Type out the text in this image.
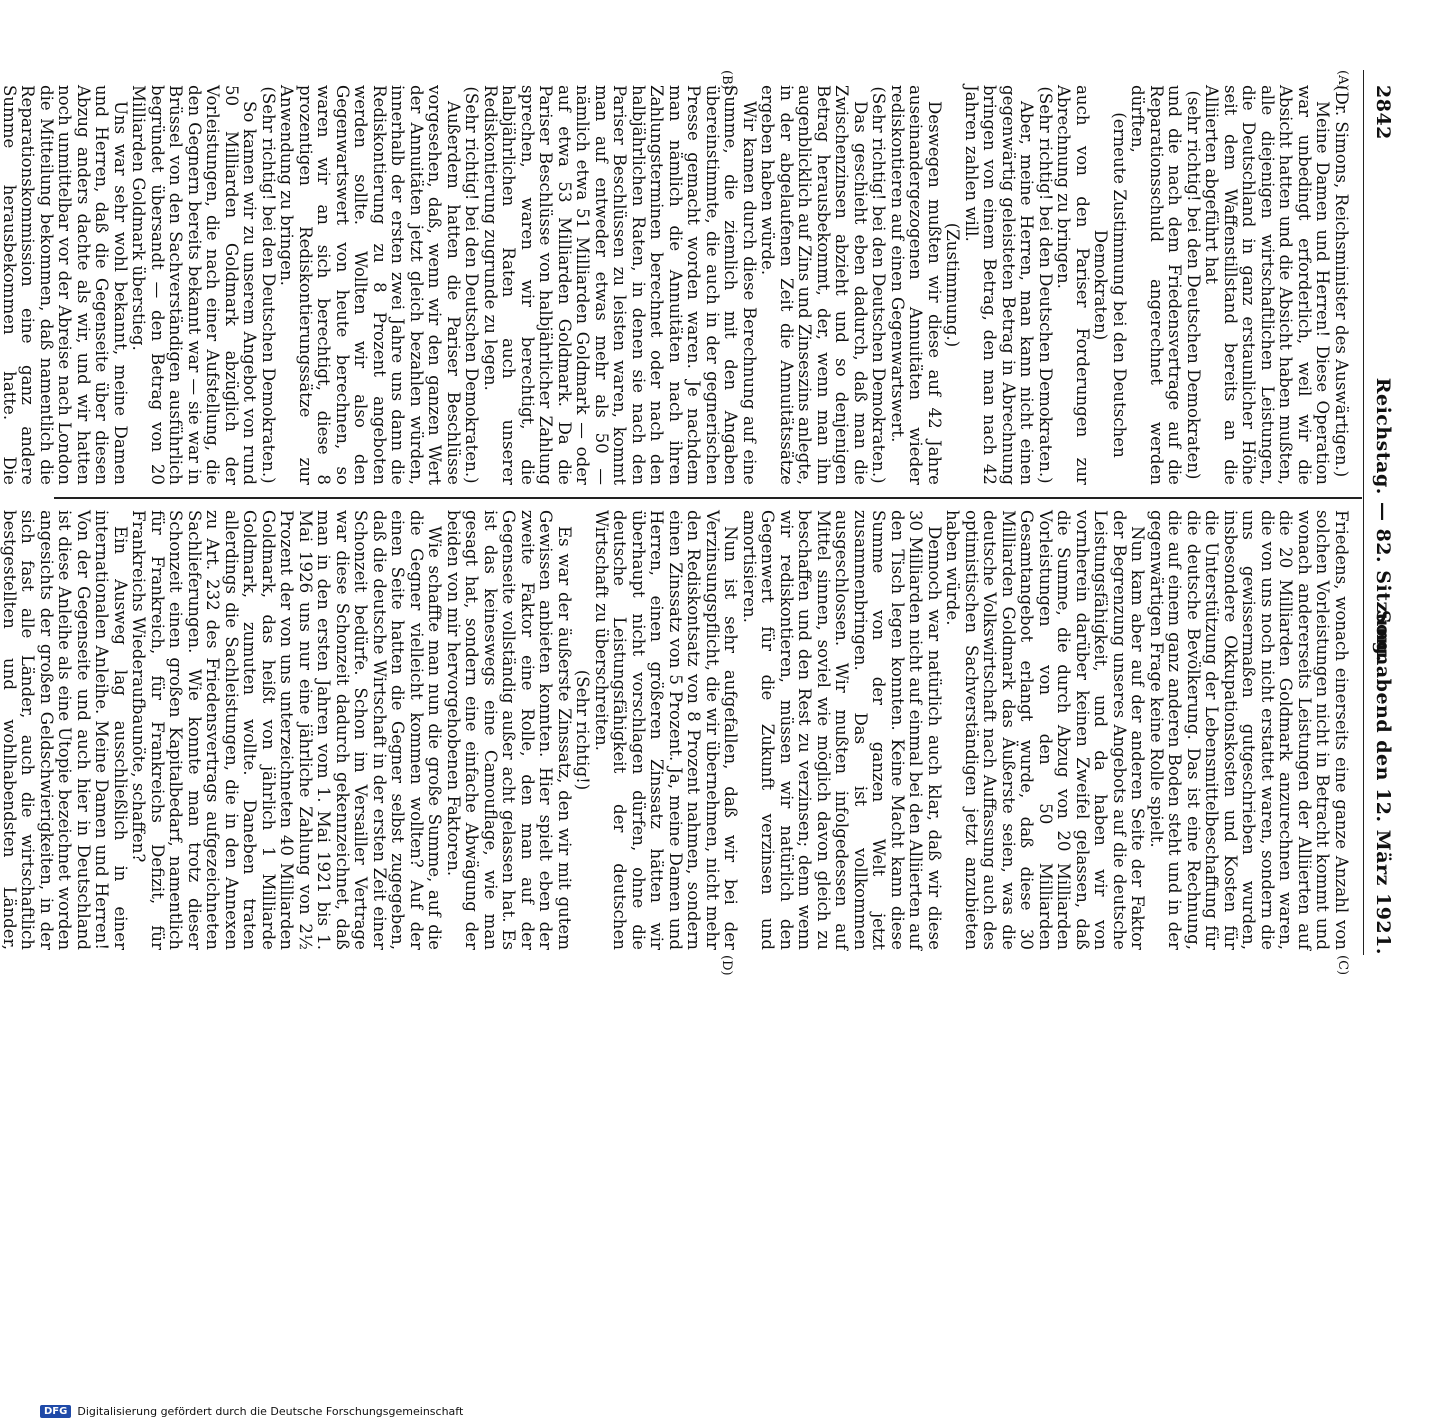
2842
Reichstag. — 82. Sitzung.
Sonnabend den 12. März 1921.
(A)
(B)
(C)
(D)

(Dr. Simons, Reichsminister des Auswärtigen.)

Meine Damen und Herren! Diese Operation war unbedingt erforderlich, weil wir die Absicht hatten und die Absicht haben mußten, alle diejenigen wirtschaftlichen Leistungen, die Deutschland in ganz erstaunlicher Höhe seit dem Waffenstillstand bereits an die Alliierten abgeführt hat

(sehr richtig! bei den Deutschen Demokraten)

und die nach dem Friedensvertrage auf die Reparationsschuld angerechnet werden dürften,

(erneute Zustimmung bei den Deutschen Demokraten)

auch von den Pariser Forderungen zur Abrechnung zu bringen.

(Sehr richtig! bei den Deutschen Demokraten.)

Aber, meine Herren, man kann nicht einen gegenwärtig geleisteten Betrag in Abrechnung bringen von einem Betrag, den man nach 42 Jahren zahlen will.

(Zustimmung.)

Deswegen mußten wir diese auf 42 Jahre auseinandergezogenen Annuitäten wieder rediskontieren auf einen Gegenwartswert.

(Sehr richtig! bei den Deutschen Demokraten.)

Das geschieht eben dadurch, daß man die Zwischenzinsen abzieht und so denjenigen Betrag herausbekommt, der, wenn man ihn augenblicklich auf Zins und Zinseszins anlegte, in der abgelaufenen Zeit die Annuitätssätze ergeben haben würde.

Wir kamen durch diese Berechnung auf eine Summe, die ziemlich mit den Angaben übereinstimmte, die auch in der gegnerischen Presse gemacht worden waren. Je nachdem man nämlich die Annuitäten nach ihren Zahlungsterminen berechnet oder nach den halbjährlichen Raten, in denen sie nach den Pariser Beschlüssen zu leisten waren, kommt man auf entweder etwas mehr als 50 — nämlich etwa 51 Milliarden Goldmark — oder auf etwa 53 Milliarden Goldmark. Da die Pariser Beschlüsse von halbjährlicher Zahlung sprechen, waren wir berechtigt, die halbjährlichen Raten auch unserer Rediskontierung zugrunde zu legen.

(Sehr richtig! bei den Deutschen Demokraten.)

Außerdem hatten die Pariser Beschlüsse vorgesehen, daß, wenn wir den ganzen Wert der Annuitäten jetzt gleich bezahlen würden, innerhalb der ersten zwei Jahre uns dann die Rediskontierung zu 8 Prozent angeboten werden sollte. Wollten wir also den Gegenwartswert von heute berechnen, so waren wir an sich berechtigt, diese 8 prozentigen Rediskontierungssätze zur Anwendung zu bringen.

(Sehr richtig! bei den Deutschen Demokraten.)

So kamen wir zu unserem Angebot von rund 50 Milliarden Goldmark abzüglich der Vorleistungen, die nach einer Aufstellung, die den Gegnern bereits bekannt war — sie war in Brüssel von den Sachverständigen ausführlich begründet übersandt — den Betrag von 20 Milliarden Goldmark überstieg.

Uns war sehr wohl bekannt, meine Damen und Herren, daß die Gegenseite über diesen Abzug anders dachte als wir, und wir hatten noch unmittelbar vor der Abreise nach London die Mitteilung bekommen, daß namentlich die Reparationskommission eine ganz andere Summe herausbekommen hatte. Die

Friedens, wonach einerseits eine ganze Anzahl von solchen Vorleistungen nicht in Betracht kommt und wonach andererseits Leistungen der Alliierten auf die 20 Milliarden Goldmark anzurechnen waren, die von uns noch nicht erstattet waren, sondern die uns gewissermaßen gutgeschrieben wurden, insbesondere Okkupationskosten und Kosten für die Unterstützung der Lebensmittelbeschaffung für die deutsche Bevölkerung. Das ist eine Rechnung, die auf einem ganz anderen Boden steht und in der gegenwärtigen Frage keine Rolle spielt.

Nun kam aber auf der anderen Seite der Faktor der Begrenzung unseres Angebots auf die deutsche Leistungsfähigkeit, und da haben wir von vornherein darüber keinen Zweifel gelassen, daß die Summe, die durch Abzug von 20 Milliarden Vorleistungen von den 50 Milliarden Gesamtangebot erlangt wurde, daß diese 30 Milliarden Goldmark das Äußerste seien, was die deutsche Volkswirtschaft nach Auffassung auch des optimistischen Sachverständigen jetzt anzubieten haben würde.

Dennoch war natürlich auch klar, daß wir diese 30 Milliarden nicht auf einmal bei den Alliierten auf den Tisch legen konnten. Keine Macht kann diese Summe von der ganzen Welt jetzt zusammenbringen. Das ist vollkommen ausgeschlossen. Wir mußten infolgedessen auf Mittel sinnen, soviel wie möglich davon gleich zu beschaffen und den Rest zu verzinsen; denn wenn wir rediskontieren, müssen wir natürlich den Gegenwert für die Zukunft verzinsen und amortisieren.

Nun ist sehr aufgefallen, daß wir bei der Verzinsungspflicht, die wir übernehmen, nicht mehr den Rediskontsatz von 8 Prozent nahmen, sondern einen Zinssatz von 5 Prozent. Ja, meine Damen und Herren, einen größeren Zinssatz hätten wir überhaupt nicht vorschlagen dürfen, ohne die deutsche Leistungsfähigkeit der deutschen Wirtschaft zu überschreiten.

(Sehr richtig!)

Es war der äußerste Zinssatz, den wir mit gutem Gewissen anbieten konnten. Hier spielt eben der zweite Faktor eine Rolle, den man auf der Gegenseite vollständig außer acht gelassen hat. Es ist das keineswegs eine Camouflage, wie man gesagt hat, sondern eine einfache Abwägung der beiden von mir hervorgehobenen Faktoren.

Wie schaffte man nun die große Summe, auf die die Gegner vielleicht kommen wollten? Auf der einen Seite hatten die Gegner selbst zugegeben, daß die deutsche Wirtschaft in der ersten Zeit einer Schonzeit bedürfe. Schon im Versailler Vertrage war diese Schonzeit dadurch gekennzeichnet, daß man in den ersten Jahren vom 1. Mai 1921 bis 1. Mai 1926 uns nur eine jährliche Zahlung von 2½ Prozent der von uns unterzeichneten 40 Milliarden Goldmark, das heißt von jährlich 1 Milliarde Goldmark, zumuten wollte. Daneben traten allerdings die Sachleistungen, die in den Annexen zu Art. 232 des Friedensvertrags aufgezeichneten Sachlieferungen. Wie konnte man trotz dieser Schonzeit einen großen Kapitalbedarf, namentlich für Frankreich, für Frankreichs Defizit, für Frankreichs Wiederaufbaunöte, schaffen?

Ein Ausweg lag ausschließlich in einer internationalen Anleihe. Meine Damen und Herren! Von der Gegenseite und auch hier in Deutschland ist diese Anleihe als eine Utopie bezeichnet worden angesichts der großen Geldschwierigkeiten, in der sich fast alle Länder, auch die wirtschaftlich bestgestellten und wohlhabendsten Länder,

DFG Digitalisierung gefördert durch die Deutsche Forschungsgemeinschaft
